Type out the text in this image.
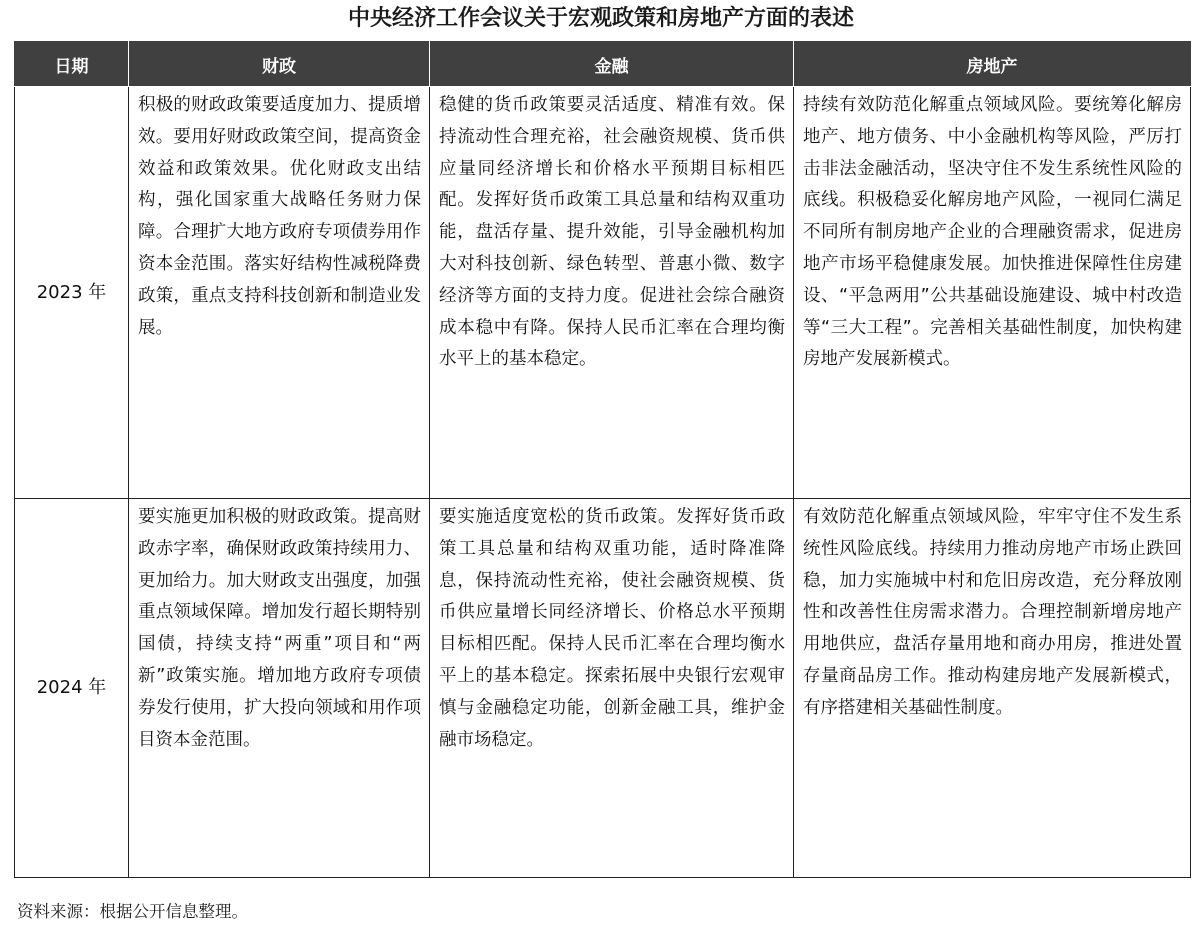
中央经济工作会议关于宏观政策和房地产方面的表述
日期	财政	金融	房地产
2023 年	积极的财政政策要适度加力、提质增效。要用好财政政策空间，提高资金效益和政策效果。优化财政支出结构，强化国家重大战略任务财力保障。合理扩大地方政府专项债券用作资本金范围。落实好结构性减税降费政策，重点支持科技创新和制造业发展。	稳健的货币政策要灵活适度、精准有效。保持流动性合理充裕，社会融资规模、货币供应量同经济增长和价格水平预期目标相匹配。发挥好货币政策工具总量和结构双重功能，盘活存量、提升效能，引导金融机构加大对科技创新、绿色转型、普惠小微、数字经济等方面的支持力度。促进社会综合融资成本稳中有降。保持人民币汇率在合理均衡水平上的基本稳定。	持续有效防范化解重点领域风险。要统筹化解房地产、地方债务、中小金融机构等风险，严厉打击非法金融活动，坚决守住不发生系统性风险的底线。积极稳妥化解房地产风险，一视同仁满足不同所有制房地产企业的合理融资需求，促进房地产市场平稳健康发展。加快推进保障性住房建设、“平急两用”公共基础设施建设、城中村改造等“三大工程”。完善相关基础性制度，加快构建房地产发展新模式。
2024 年	要实施更加积极的财政政策。提高财政赤字率，确保财政政策持续用力、更加给力。加大财政支出强度，加强重点领域保障。增加发行超长期特别国债，持续支持“两重”项目和“两新”政策实施。增加地方政府专项债券发行使用，扩大投向领域和用作项目资本金范围。	要实施适度宽松的货币政策。发挥好货币政策工具总量和结构双重功能，适时降准降息，保持流动性充裕，使社会融资规模、货币供应量增长同经济增长、价格总水平预期目标相匹配。保持人民币汇率在合理均衡水平上的基本稳定。探索拓展中央银行宏观审慎与金融稳定功能，创新金融工具，维护金融市场稳定。	有效防范化解重点领域风险，牢牢守住不发生系统性风险底线。持续用力推动房地产市场止跌回稳，加力实施城中村和危旧房改造，充分释放刚性和改善性住房需求潜力。合理控制新增房地产用地供应，盘活存量用地和商办用房，推进处置存量商品房工作。推动构建房地产发展新模式，有序搭建相关基础性制度。
资料来源：根据公开信息整理。
